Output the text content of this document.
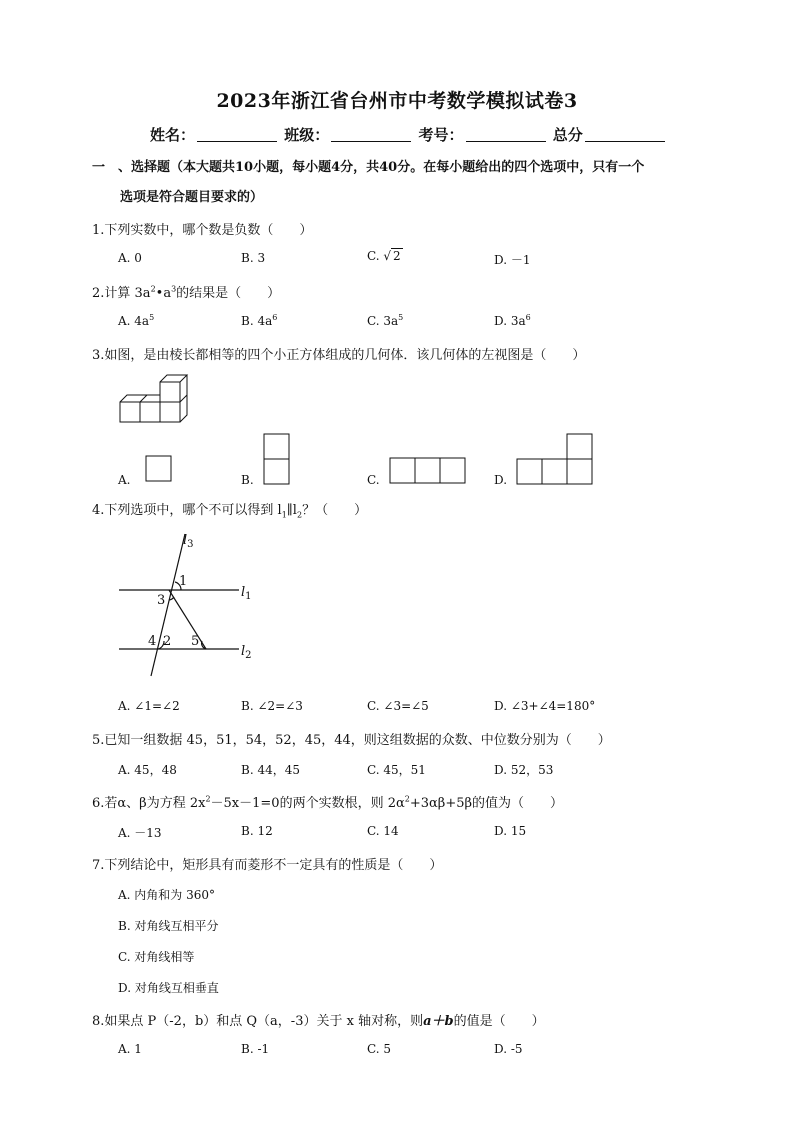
2023年浙江省台州市中考数学模拟试卷3
姓名：	班级：	考号：	总分
一　、选择题（本大题共10小题，每小题4分，共40分。在每小题给出的四个选项中，只有一个
选项是符合题目要求的）
1.下列实数中，哪个数是负数（　　）
A. 0	B. 3	C. √ 2	D. －1
2.计算 $3a^2•a^3$的结果是（　　）
A. $4a^5$	B. $4a^6$	C. $3a^5$	D. $3a^6$
3.如图，是由棱长都相等的四个小正方体组成的几何体．该几何体的左视图是（　　）
A.	B.	C.	D.
4.下列选项中，哪个不可以得到 $l_1\parallel l_2$？（　　）
$l_3$
1
3
4 2 5
$l_1$
$l_2$
A. ∠1=∠2	B. ∠2=∠3	C. ∠3=∠5	D. ∠3+∠4=180°
5.已知一组数据 45，51，54，52，45，44，则这组数据的众数、中位数分别为（　　）
A. 45，48	B. 44，45	C. 45，51	D. 52，53
6.若α、β为方程 $2x^2-5x-1=0$的两个实数根，则 $2\alpha^2+3\alpha\beta+5\beta$的值为（　　）
A. －13	B. 12	C. 14	D. 15
7.下列结论中，矩形具有而菱形不一定具有的性质是（　　）
A. 内角和为 360°
B. 对角线互相平分
C. 对角线相等
D. 对角线互相垂直
8.如果点 P（-2，b）和点 Q（a，-3）关于 x 轴对称，则a＋b的值是（　　）
A. 1	B. -1	C. 5	D. -5
